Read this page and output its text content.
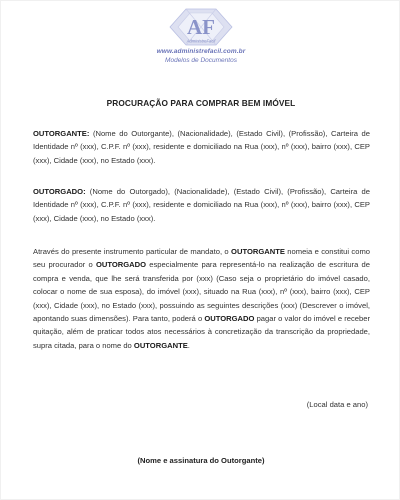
AF
AdministreFacil
www.administrefacil.com.br
Modelos de Documentos
PROCURAÇÃO PARA COMPRAR BEM IMÓVEL

OUTORGANTE: (Nome do Outorgante), (Nacionalidade), (Estado Civil), (Profissão), Carteira de Identidade nº (xxx), C.P.F. nº (xxx), residente e domiciliado na Rua (xxx), nº (xxx), bairro (xxx), CEP (xxx), Cidade (xxx), no Estado (xxx).

OUTORGADO: (Nome do Outorgado), (Nacionalidade), (Estado Civil), (Profissão), Carteira de Identidade nº (xxx), C.P.F. nº (xxx), residente e domiciliado na Rua (xxx), nº (xxx), bairro (xxx), CEP (xxx), Cidade (xxx), no Estado (xxx).

Através do presente instrumento particular de mandato, o OUTORGANTE nomeia e constitui como seu procurador o OUTORGADO especialmente para representá-lo na realização de escritura de compra e venda, que lhe será transferida por (xxx) (Caso seja o proprietário do imóvel casado, colocar o nome de sua esposa), do imóvel (xxx), situado na Rua (xxx), nº (xxx), bairro (xxx), CEP (xxx), Cidade (xxx), no Estado (xxx), possuindo as seguintes descrições (xxx) (Descrever o imóvel, apontando suas dimensões). Para tanto, poderá o OUTORGADO pagar o valor do imóvel e receber quitação, além de praticar todos atos necessários à concretização da transcrição da propriedade, supra citada, para o nome do OUTORGANTE.

(Local data e ano)
(Nome e assinatura do Outorgante)
